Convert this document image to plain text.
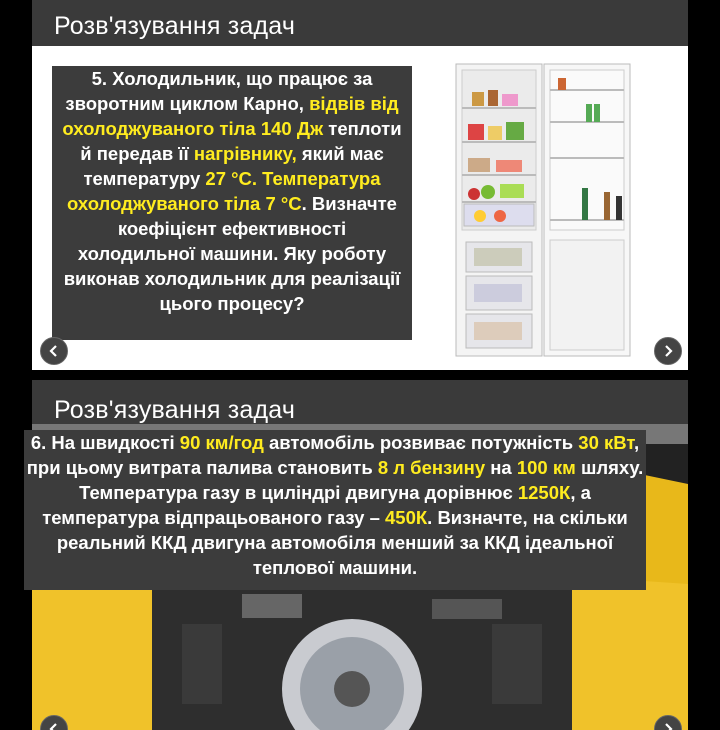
Розв'язування задач
5. Холодильник, що працює за зворотним циклом Карно, відвів від охолоджуваного тіла 140 Дж теплоти й передав її нагрівнику, який має температуру 27 °С. Температура охолоджуваного тіла 7 °С. Визначте коефіцієнт ефективності холодильної машини. Яку роботу виконав холодильник для реалізації цього процесу?
Розв'язування задач
6. На швидкості 90 км/год автомобіль розвиває потужність 30 кВт, при цьому витрата палива становить 8 л бензину на 100 км шляху. Температура газу в циліндрі двигуна дорівнює 1250К, а температура відпрацьованого газу – 450К. Визначте, на скільки реальний ККД двигуна автомобіля менший за ККД ідеальної теплової машини.
